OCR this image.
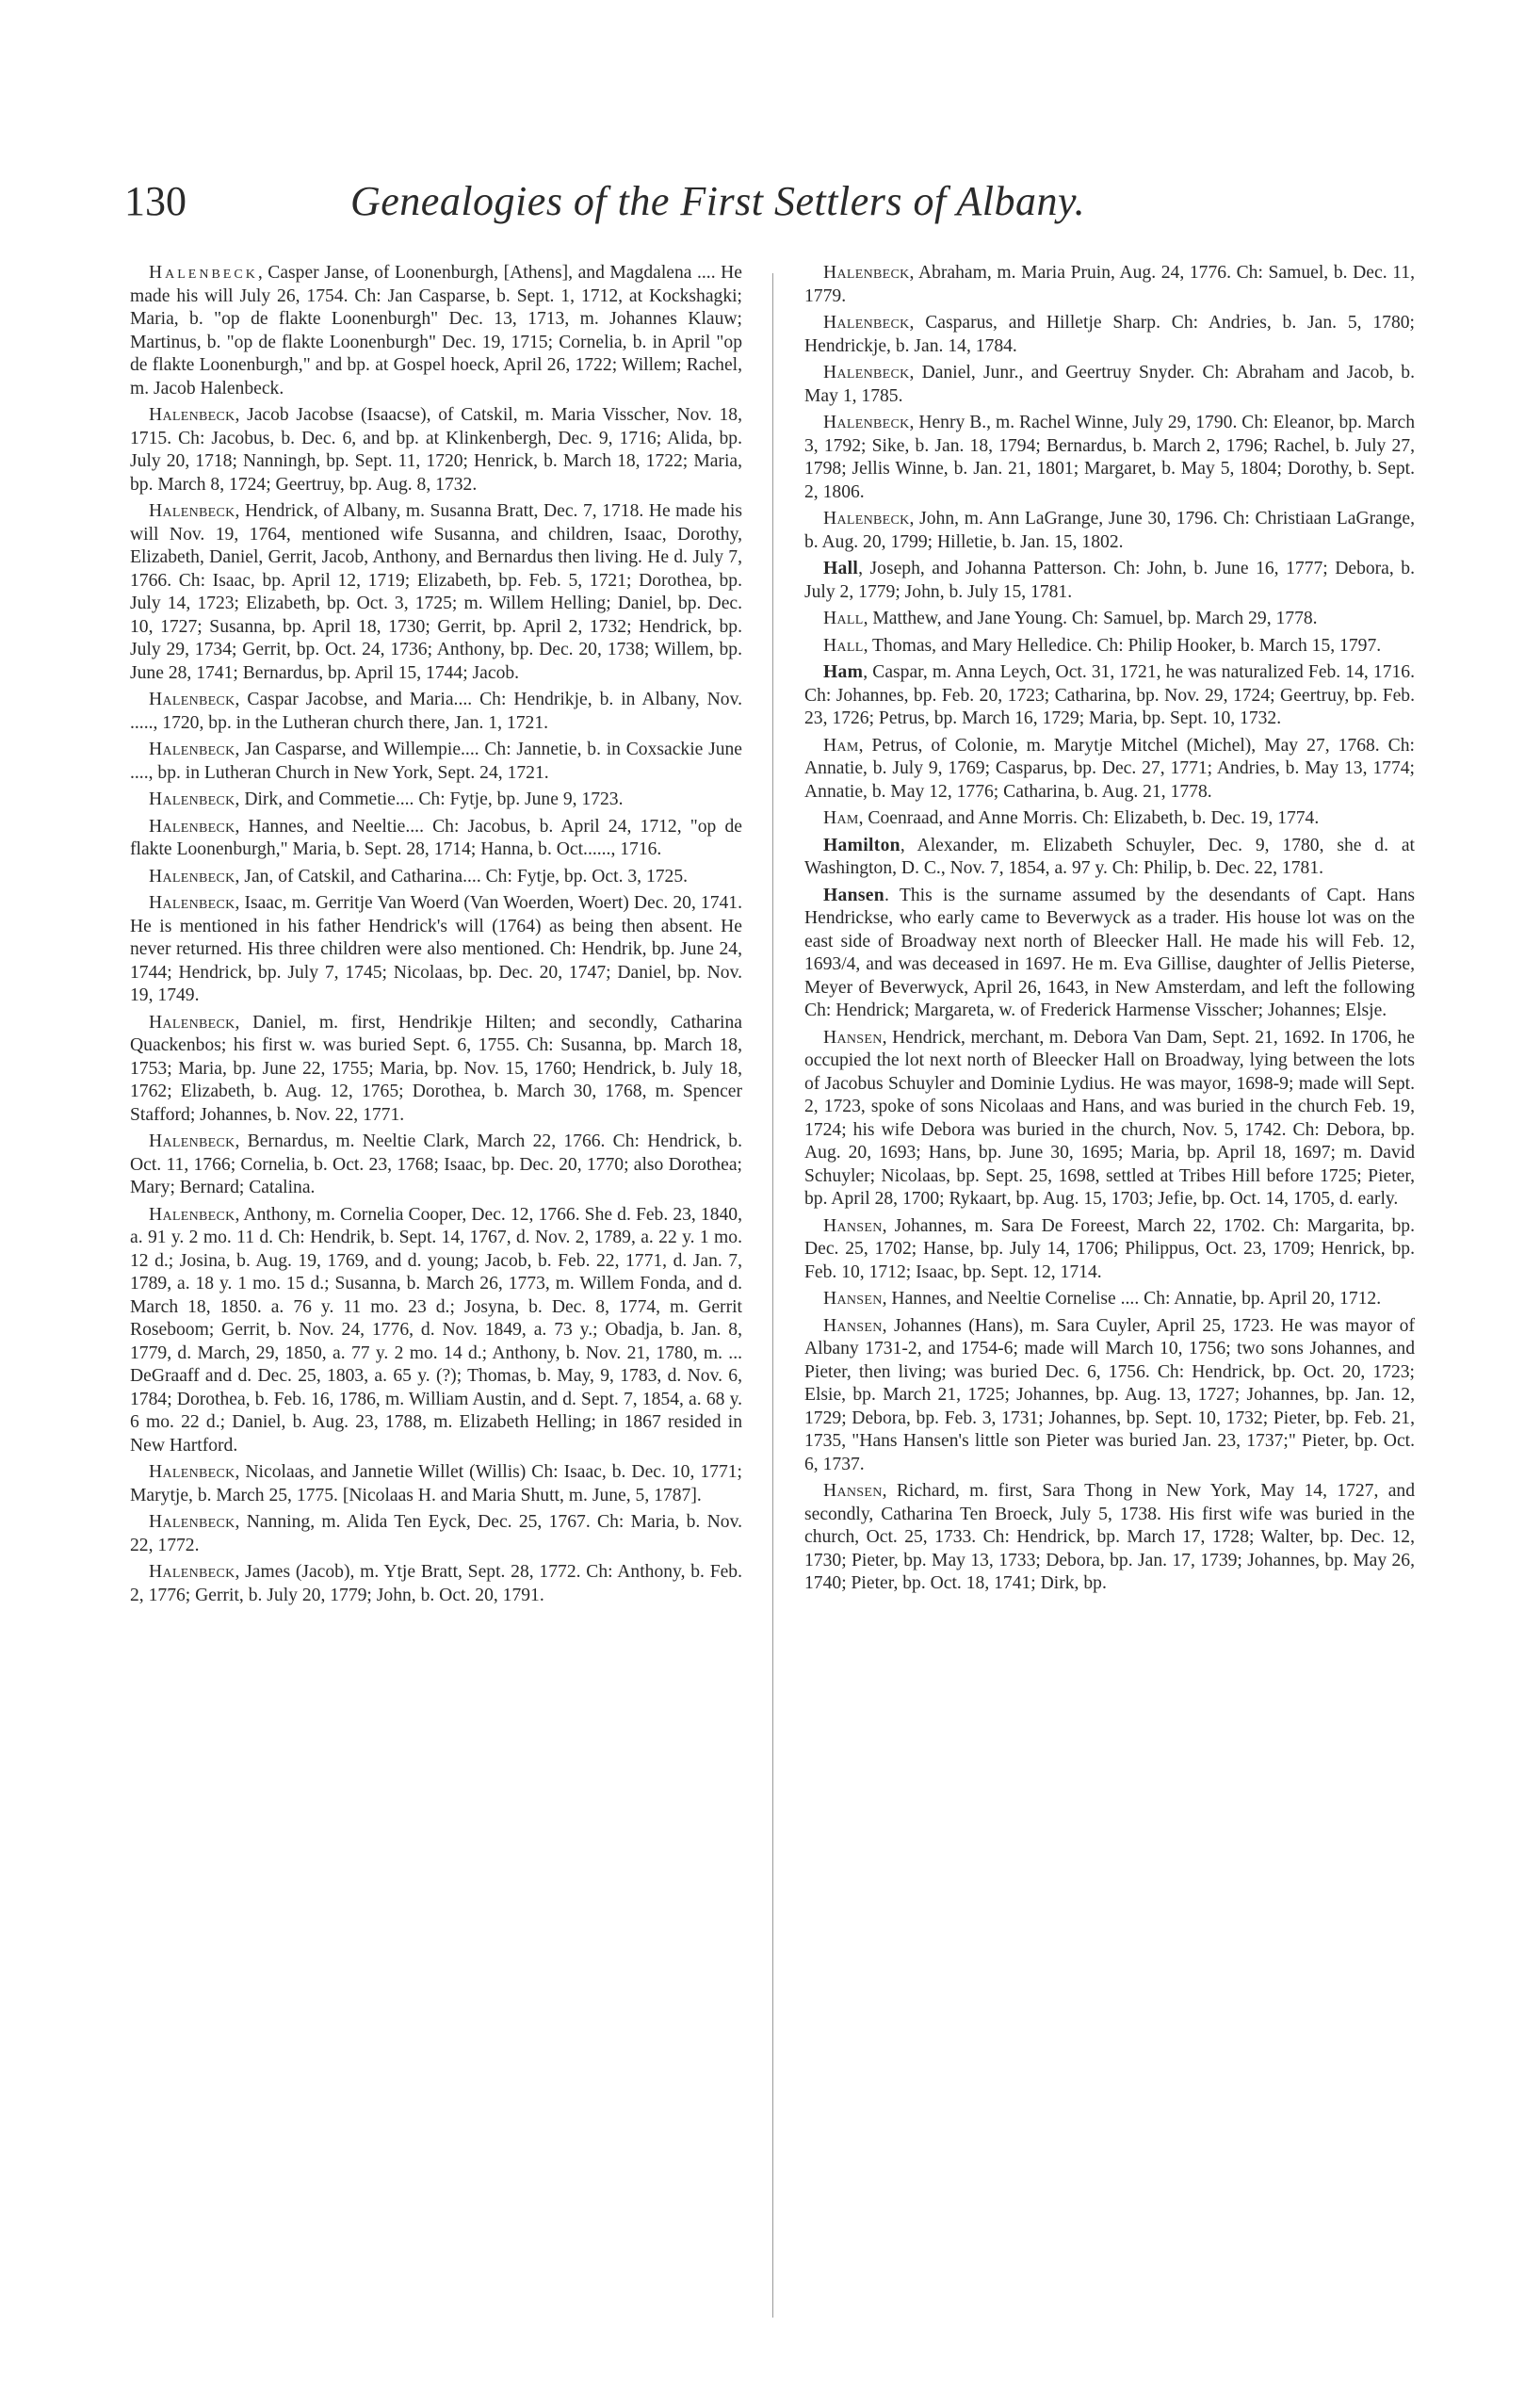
130	Genealogies of the First Settlers of Albany.

Halenbeck, Casper Janse, of Loonenburgh, [Athens], and Magdalena .... He made his will July 26, 1754. Ch: Jan Casparse, b. Sept. 1, 1712, at Kockshagki; Maria, b. "op de flakte Loonenburgh" Dec. 13, 1713, m. Johannes Klauw; Martinus, b. "op de flakte Loonenburgh" Dec. 19, 1715; Cornelia, b. in April "op de flakte Loonenburgh," and bp. at Gospel hoeck, April 26, 1722; Willem; Rachel, m. Jacob Halenbeck.

Halenbeck, Jacob Jacobse (Isaacse), of Catskil, m. Maria Visscher, Nov. 18, 1715. Ch: Jacobus, b. Dec. 6, and bp. at Klinkenbergh, Dec. 9, 1716; Alida, bp. July 20, 1718; Nanningh, bp. Sept. 11, 1720; Henrick, b. March 18, 1722; Maria, bp. March 8, 1724; Geertruy, bp. Aug. 8, 1732.

Halenbeck, Hendrick, of Albany, m. Susanna Bratt, Dec. 7, 1718. He made his will Nov. 19, 1764, mentioned wife Susanna, and children, Isaac, Dorothy, Elizabeth, Daniel, Gerrit, Jacob, Anthony, and Bernardus then living. He d. July 7, 1766. Ch: Isaac, bp. April 12, 1719; Elizabeth, bp. Feb. 5, 1721; Dorothea, bp. July 14, 1723; Elizabeth, bp. Oct. 3, 1725; m. Willem Helling; Daniel, bp. Dec. 10, 1727; Susanna, bp. April 18, 1730; Gerrit, bp. April 2, 1732; Hendrick, bp. July 29, 1734; Gerrit, bp. Oct. 24, 1736; Anthony, bp. Dec. 20, 1738; Willem, bp. June 28, 1741; Bernardus, bp. April 15, 1744; Jacob.

Halenbeck, Caspar Jacobse, and Maria.... Ch: Hendrikje, b. in Albany, Nov. ....., 1720, bp. in the Lutheran church there, Jan. 1, 1721.

Halenbeck, Jan Casparse, and Willempie.... Ch: Jannetie, b. in Coxsackie June ...., bp. in Lutheran Church in New York, Sept. 24, 1721.

Halenbeck, Dirk, and Commetie.... Ch: Fytje, bp. June 9, 1723.

Halenbeck, Hannes, and Neeltie.... Ch: Jacobus, b. April 24, 1712, "op de flakte Loonenburgh," Maria, b. Sept. 28, 1714; Hanna, b. Oct......, 1716.

Halenbeck, Jan, of Catskil, and Catharina.... Ch: Fytje, bp. Oct. 3, 1725.

Halenbeck, Isaac, m. Gerritje Van Woerd (Van Woerden, Woert) Dec. 20, 1741. He is mentioned in his father Hendrick's will (1764) as being then absent. He never returned. His three children were also mentioned. Ch: Hendrik, bp. June 24, 1744; Hendrick, bp. July 7, 1745; Nicolaas, bp. Dec. 20, 1747; Daniel, bp. Nov. 19, 1749.

Halenbeck, Daniel, m. first, Hendrikje Hilten; and secondly, Catharina Quackenbos; his first w. was buried Sept. 6, 1755. Ch: Susanna, bp. March 18, 1753; Maria, bp. June 22, 1755; Maria, bp. Nov. 15, 1760; Hendrick, b. July 18, 1762; Elizabeth, b. Aug. 12, 1765; Dorothea, b. March 30, 1768, m. Spencer Stafford; Johannes, b. Nov. 22, 1771.

Halenbeck, Bernardus, m. Neeltie Clark, March 22, 1766. Ch: Hendrick, b. Oct. 11, 1766; Cornelia, b. Oct. 23, 1768; Isaac, bp. Dec. 20, 1770; also Dorothea; Mary; Bernard; Catalina.

Halenbeck, Anthony, m. Cornelia Cooper, Dec. 12, 1766. She d. Feb. 23, 1840, a. 91 y. 2 mo. 11 d. Ch: Hendrik, b. Sept. 14, 1767, d. Nov. 2, 1789, a. 22 y. 1 mo. 12 d.; Josina, b. Aug. 19, 1769, and d. young; Jacob, b. Feb. 22, 1771, d. Jan. 7, 1789, a. 18 y. 1 mo. 15 d.; Susanna, b. March 26, 1773, m. Willem Fonda, and d. March 18, 1850. a. 76 y. 11 mo. 23 d.; Josyna, b. Dec. 8, 1774, m. Gerrit Roseboom; Gerrit, b. Nov. 24, 1776, d. Nov. 1849, a. 73 y.; Obadja, b. Jan. 8, 1779, d. March, 29, 1850, a. 77 y. 2 mo. 14 d.; Anthony, b. Nov. 21, 1780, m. ... DeGraaff and d. Dec. 25, 1803, a. 65 y. (?); Thomas, b. May, 9, 1783, d. Nov. 6, 1784; Dorothea, b. Feb. 16, 1786, m. William Austin, and d. Sept. 7, 1854, a. 68 y. 6 mo. 22 d.; Daniel, b. Aug. 23, 1788, m. Elizabeth Helling; in 1867 resided in New Hartford.

Halenbeck, Nicolaas, and Jannetie Willet (Willis) Ch: Isaac, b. Dec. 10, 1771; Marytje, b. March 25, 1775. [Nicolaas H. and Maria Shutt, m. June, 5, 1787].

Halenbeck, Nanning, m. Alida Ten Eyck, Dec. 25, 1767. Ch: Maria, b. Nov. 22, 1772.

Halenbeck, James (Jacob), m. Ytje Bratt, Sept. 28, 1772. Ch: Anthony, b. Feb. 2, 1776; Gerrit, b. July 20, 1779; John, b. Oct. 20, 1791.

Halenbeck, Abraham, m. Maria Pruin, Aug. 24, 1776. Ch: Samuel, b. Dec. 11, 1779.

Halenbeck, Casparus, and Hilletje Sharp. Ch: Andries, b. Jan. 5, 1780; Hendrickje, b. Jan. 14, 1784.

Halenbeck, Daniel, Junr., and Geertruy Snyder. Ch: Abraham and Jacob, b. May 1, 1785.

Halenbeck, Henry B., m. Rachel Winne, July 29, 1790. Ch: Eleanor, bp. March 3, 1792; Sike, b. Jan. 18, 1794; Bernardus, b. March 2, 1796; Rachel, b. July 27, 1798; Jellis Winne, b. Jan. 21, 1801; Margaret, b. May 5, 1804; Dorothy, b. Sept. 2, 1806.

Halenbeck, John, m. Ann LaGrange, June 30, 1796. Ch: Christiaan LaGrange, b. Aug. 20, 1799; Hilletie, b. Jan. 15, 1802.

Hall, Joseph, and Johanna Patterson. Ch: John, b. June 16, 1777; Debora, b. July 2, 1779; John, b. July 15, 1781.

Hall, Matthew, and Jane Young. Ch: Samuel, bp. March 29, 1778.

Hall, Thomas, and Mary Helledice. Ch: Philip Hooker, b. March 15, 1797.

Ham, Caspar, m. Anna Leych, Oct. 31, 1721, he was naturalized Feb. 14, 1716. Ch: Johannes, bp. Feb. 20, 1723; Catharina, bp. Nov. 29, 1724; Geertruy, bp. Feb. 23, 1726; Petrus, bp. March 16, 1729; Maria, bp. Sept. 10, 1732.

Ham, Petrus, of Colonie, m. Marytje Mitchel (Michel), May 27, 1768. Ch: Annatie, b. July 9, 1769; Casparus, bp. Dec. 27, 1771; Andries, b. May 13, 1774; Annatie, b. May 12, 1776; Catharina, b. Aug. 21, 1778.

Ham, Coenraad, and Anne Morris. Ch: Elizabeth, b. Dec. 19, 1774.

Hamilton, Alexander, m. Elizabeth Schuyler, Dec. 9, 1780, she d. at Washington, D. C., Nov. 7, 1854, a. 97 y. Ch: Philip, b. Dec. 22, 1781.

Hansen. This is the surname assumed by the desendants of Capt. Hans Hendrickse, who early came to Beverwyck as a trader. His house lot was on the east side of Broadway next north of Bleecker Hall. He made his will Feb. 12, 1693/4, and was deceased in 1697. He m. Eva Gillise, daughter of Jellis Pieterse, Meyer of Beverwyck, April 26, 1643, in New Amsterdam, and left the following Ch: Hendrick; Margareta, w. of Frederick Harmense Visscher; Johannes; Elsje.

Hansen, Hendrick, merchant, m. Debora Van Dam, Sept. 21, 1692. In 1706, he occupied the lot next north of Bleecker Hall on Broadway, lying between the lots of Jacobus Schuyler and Dominie Lydius. He was mayor, 1698-9; made will Sept. 2, 1723, spoke of sons Nicolaas and Hans, and was buried in the church Feb. 19, 1724; his wife Debora was buried in the church, Nov. 5, 1742. Ch: Debora, bp. Aug. 20, 1693; Hans, bp. June 30, 1695; Maria, bp. April 18, 1697; m. David Schuyler; Nicolaas, bp. Sept. 25, 1698, settled at Tribes Hill before 1725; Pieter, bp. April 28, 1700; Rykaart, bp. Aug. 15, 1703; Jefie, bp. Oct. 14, 1705, d. early.

Hansen, Johannes, m. Sara De Foreest, March 22, 1702. Ch: Margarita, bp. Dec. 25, 1702; Hanse, bp. July 14, 1706; Philippus, Oct. 23, 1709; Henrick, bp. Feb. 10, 1712; Isaac, bp. Sept. 12, 1714.

Hansen, Hannes, and Neeltie Cornelise .... Ch: Annatie, bp. April 20, 1712.

Hansen, Johannes (Hans), m. Sara Cuyler, April 25, 1723. He was mayor of Albany 1731-2, and 1754-6; made will March 10, 1756; two sons Johannes, and Pieter, then living; was buried Dec. 6, 1756. Ch: Hendrick, bp. Oct. 20, 1723; Elsie, bp. March 21, 1725; Johannes, bp. Aug. 13, 1727; Johannes, bp. Jan. 12, 1729; Debora, bp. Feb. 3, 1731; Johannes, bp. Sept. 10, 1732; Pieter, bp. Feb. 21, 1735, "Hans Hansen's little son Pieter was buried Jan. 23, 1737;" Pieter, bp. Oct. 6, 1737.

Hansen, Richard, m. first, Sara Thong in New York, May 14, 1727, and secondly, Catharina Ten Broeck, July 5, 1738. His first wife was buried in the church, Oct. 25, 1733. Ch: Hendrick, bp. March 17, 1728; Walter, bp. Dec. 12, 1730; Pieter, bp. May 13, 1733; Debora, bp. Jan. 17, 1739; Johannes, bp. May 26, 1740; Pieter, bp. Oct. 18, 1741; Dirk, bp.
